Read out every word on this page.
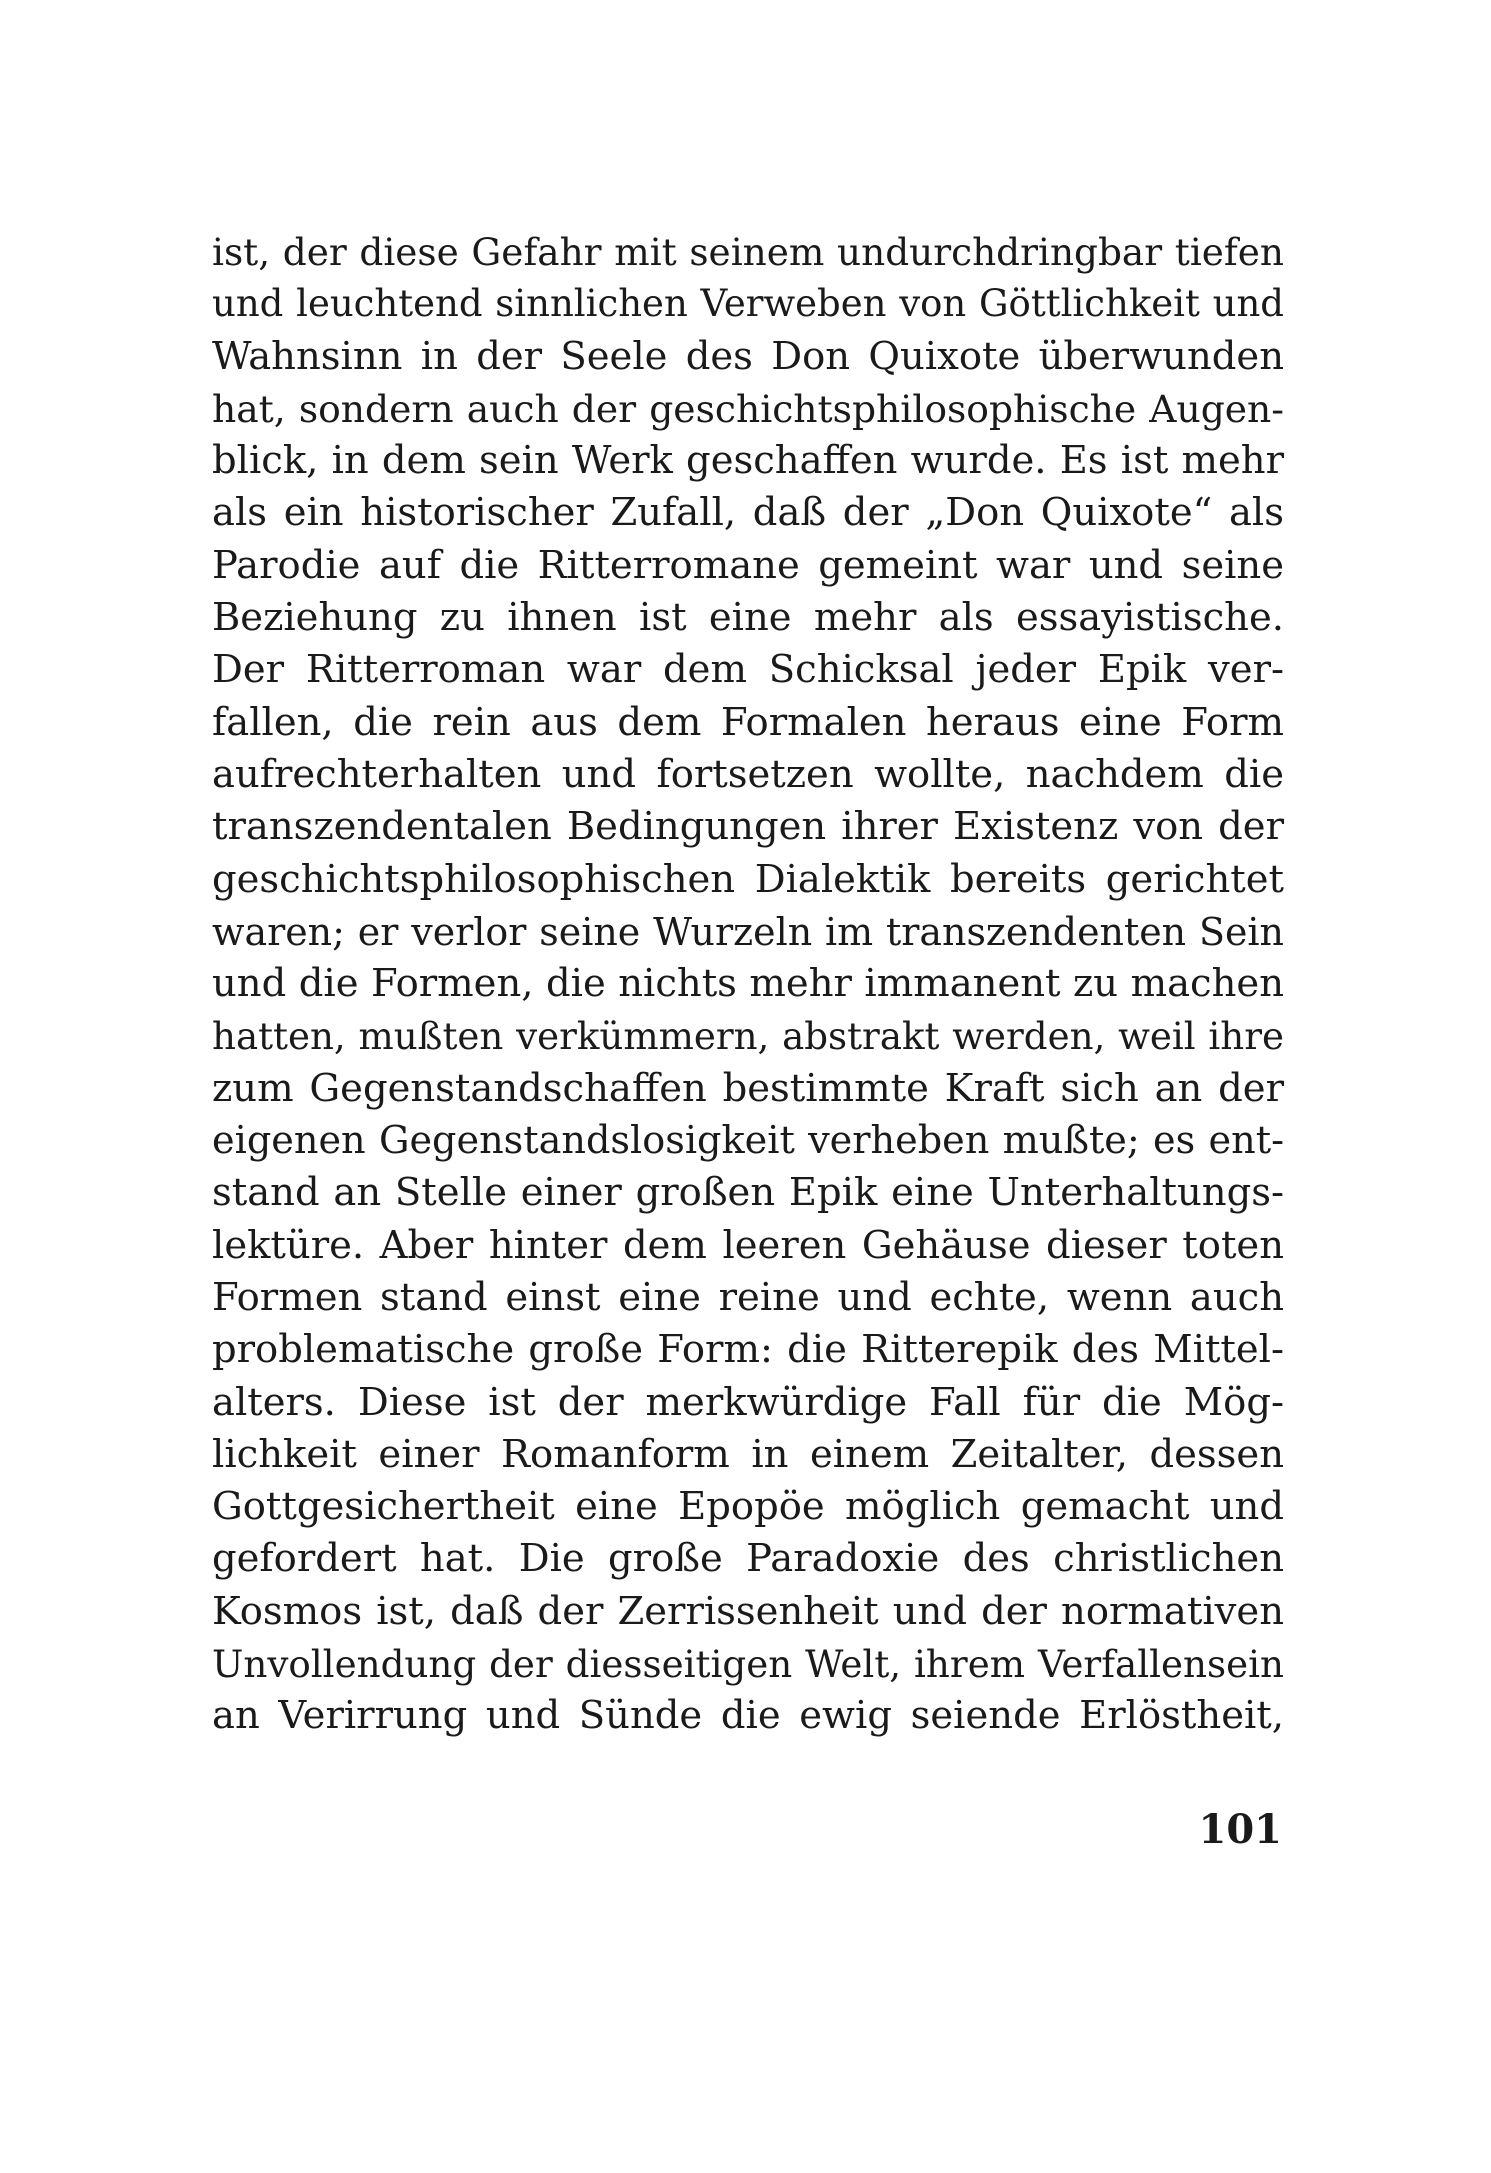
ist, der diese Gefahr mit seinem undurchdringbar tiefen
und leuchtend sinnlichen Verweben von Göttlichkeit und
Wahnsinn in der Seele des Don Quixote überwunden
hat, sondern auch der geschichtsphilosophische Augen-
blick, in dem sein Werk geschaffen wurde. Es ist mehr
als ein historischer Zufall, daß der „Don Quixote“ als
Parodie auf die Ritterromane gemeint war und seine
Beziehung zu ihnen ist eine mehr als essayistische.
Der Ritterroman war dem Schicksal jeder Epik ver-
fallen, die rein aus dem Formalen heraus eine Form
aufrechterhalten und fortsetzen wollte, nachdem die
transzendentalen Bedingungen ihrer Existenz von der
geschichtsphilosophischen Dialektik bereits gerichtet
waren; er verlor seine Wurzeln im transzendenten Sein
und die Formen, die nichts mehr immanent zu machen
hatten, mußten verkümmern, abstrakt werden, weil ihre
zum Gegenstandschaffen bestimmte Kraft sich an der
eigenen Gegenstandslosigkeit verheben mußte; es ent-
stand an Stelle einer großen Epik eine Unterhaltungs-
lektüre. Aber hinter dem leeren Gehäuse dieser toten
Formen stand einst eine reine und echte, wenn auch
problematische große Form: die Ritterepik des Mittel-
alters. Diese ist der merkwürdige Fall für die Mög-
lichkeit einer Romanform in einem Zeitalter, dessen
Gottgesichertheit eine Epopöe möglich gemacht und
gefordert hat. Die große Paradoxie des christlichen
Kosmos ist, daß der Zerrissenheit und der normativen
Unvollendung der diesseitigen Welt, ihrem Verfallensein
an Verirrung und Sünde die ewig seiende Erlöstheit,
101
